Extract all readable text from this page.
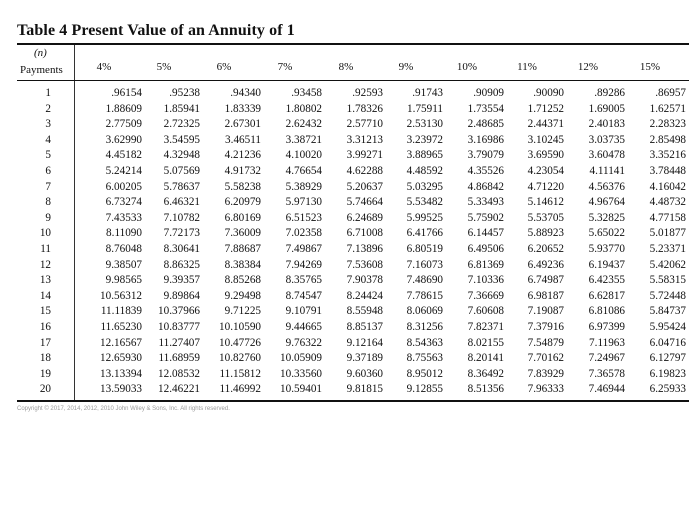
Table 4 Present Value of an Annuity of 1
(n)
Payments	4%	5%	6%	7%	8%	9%	10%	11%	12%	15%
1	.96154	.95238	.94340	.93458	.92593	.91743	.90909	.90090	.89286	.86957
2	1.88609	1.85941	1.83339	1.80802	1.78326	1.75911	1.73554	1.71252	1.69005	1.62571
3	2.77509	2.72325	2.67301	2.62432	2.57710	2.53130	2.48685	2.44371	2.40183	2.28323
4	3.62990	3.54595	3.46511	3.38721	3.31213	3.23972	3.16986	3.10245	3.03735	2.85498
5	4.45182	4.32948	4.21236	4.10020	3.99271	3.88965	3.79079	3.69590	3.60478	3.35216
6	5.24214	5.07569	4.91732	4.76654	4.62288	4.48592	4.35526	4.23054	4.11141	3.78448
7	6.00205	5.78637	5.58238	5.38929	5.20637	5.03295	4.86842	4.71220	4.56376	4.16042
8	6.73274	6.46321	6.20979	5.97130	5.74664	5.53482	5.33493	5.14612	4.96764	4.48732
9	7.43533	7.10782	6.80169	6.51523	6.24689	5.99525	5.75902	5.53705	5.32825	4.77158
10	8.11090	7.72173	7.36009	7.02358	6.71008	6.41766	6.14457	5.88923	5.65022	5.01877
11	8.76048	8.30641	7.88687	7.49867	7.13896	6.80519	6.49506	6.20652	5.93770	5.23371
12	9.38507	8.86325	8.38384	7.94269	7.53608	7.16073	6.81369	6.49236	6.19437	5.42062
13	9.98565	9.39357	8.85268	8.35765	7.90378	7.48690	7.10336	6.74987	6.42355	5.58315
14	10.56312	9.89864	9.29498	8.74547	8.24424	7.78615	7.36669	6.98187	6.62817	5.72448
15	11.11839	10.37966	9.71225	9.10791	8.55948	8.06069	7.60608	7.19087	6.81086	5.84737
16	11.65230	10.83777	10.10590	9.44665	8.85137	8.31256	7.82371	7.37916	6.97399	5.95424
17	12.16567	11.27407	10.47726	9.76322	9.12164	8.54363	8.02155	7.54879	7.11963	6.04716
18	12.65930	11.68959	10.82760	10.05909	9.37189	8.75563	8.20141	7.70162	7.24967	6.12797
19	13.13394	12.08532	11.15812	10.33560	9.60360	8.95012	8.36492	7.83929	7.36578	6.19823
20	13.59033	12.46221	11.46992	10.59401	9.81815	9.12855	8.51356	7.96333	7.46944	6.25933
Copyright © 2017, 2014, 2012, 2010 John Wiley & Sons, Inc. All rights reserved.
